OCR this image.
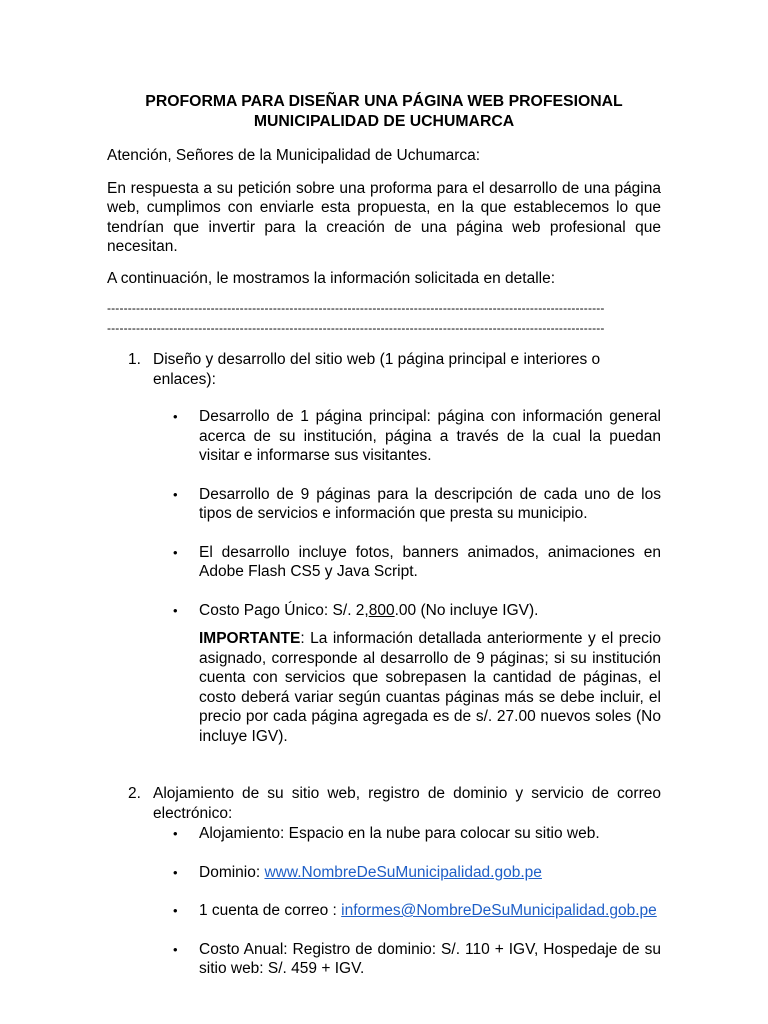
PROFORMA PARA DISEÑAR UNA PÁGINA WEB PROFESIONAL
MUNICIPALIDAD DE UCHUMARCA

Atención, Señores de la Municipalidad de Uchumarca:

En respuesta a su petición sobre una proforma para el desarrollo de una página web, cumplimos con enviarle esta propuesta, en la que establecemos lo que tendrían que invertir para la creación de una página web profesional que necesitan.

A continuación, le mostramos la información solicitada en detalle:

------------------------------------------------------------------------------------------------------------------------
------------------------------------------------------------------------------------------------------------------------
1. Diseño y desarrollo del sitio web (1 página principal e interiores o enlaces):

• Desarrollo de 1 página principal: página con información general acerca de su institución, página a través de la cual la puedan visitar e informarse sus visitantes.

• Desarrollo de 9 páginas para la descripción de cada uno de los tipos de servicios e información que presta su municipio.

• El desarrollo incluye fotos, banners animados, animaciones en Adobe Flash CS5 y Java Script.

• Costo Pago Único: S/. 2,800.00 (No incluye IGV).

IMPORTANTE: La información detallada anteriormente y el precio asignado, corresponde al desarrollo de 9 páginas; si su institución cuenta con servicios que sobrepasen la cantidad de páginas, el costo deberá variar según cuantas páginas más se debe incluir, el precio por cada página agregada es de s/. 27.00 nuevos soles (No incluye IGV).

2. Alojamiento de su sitio web, registro de dominio y servicio de correo electrónico:

• Alojamiento: Espacio en la nube para colocar su sitio web.

• Dominio: www.NombreDeSuMunicipalidad.gob.pe

• 1 cuenta de correo : informes@NombreDeSuMunicipalidad.gob.pe

• Costo Anual: Registro de dominio: S/. 110 + IGV, Hospedaje de su sitio web: S/. 459 + IGV.
